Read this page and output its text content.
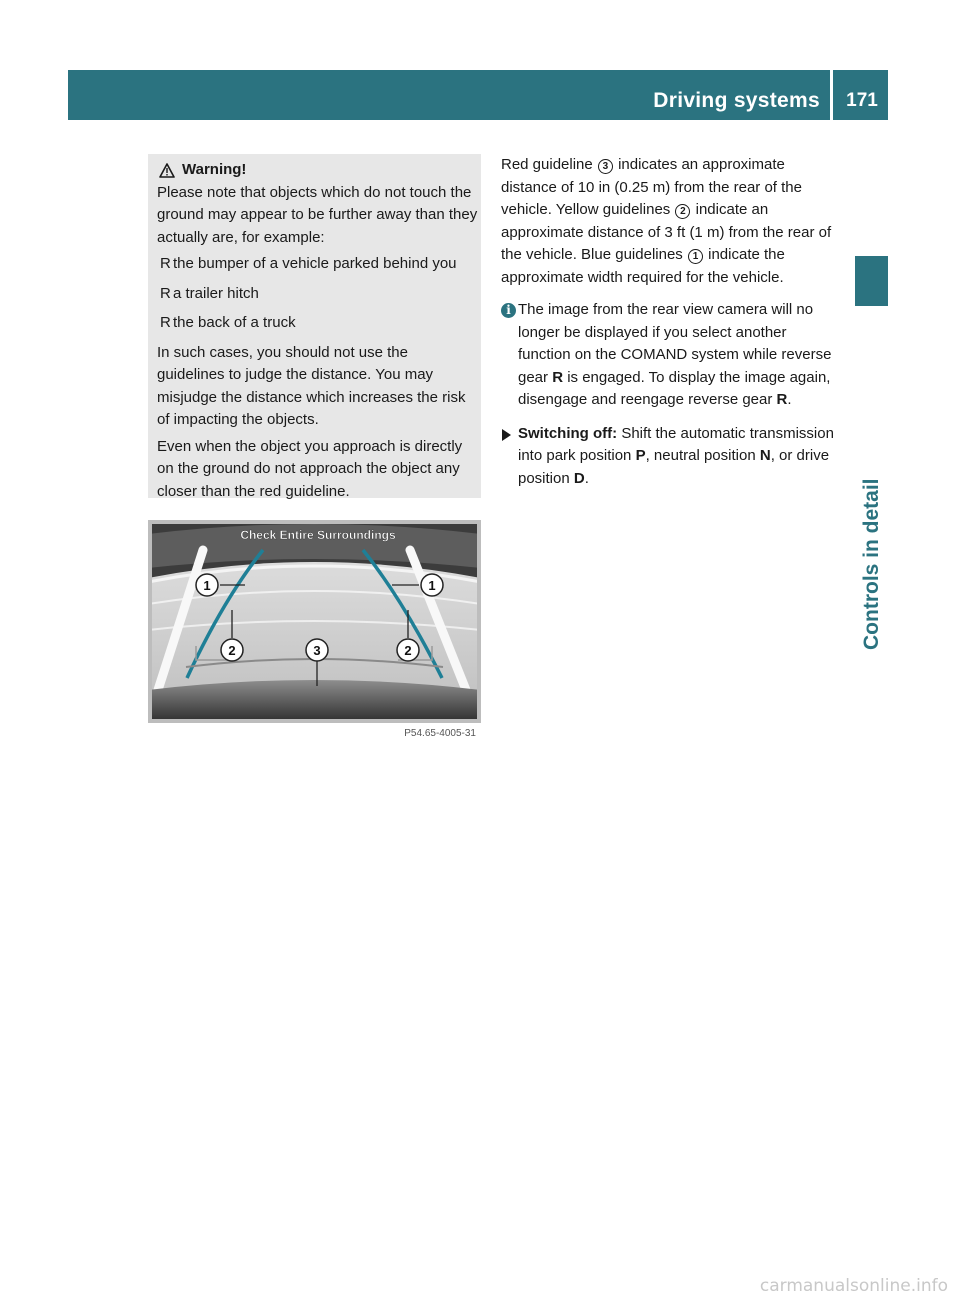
Driving systems	171
Controls in detail
Warning!

Please note that objects which do not touch the ground may appear to be further away than they actually are, for example:

R the bumper of a vehicle parked behind you
R a trailer hitch
R the back of a truck

In such cases, you should not use the guidelines to judge the distance. You may misjudge the distance which increases the risk of impacting the objects.

Even when the object you approach is directly on the ground do not approach the object any closer than the red guideline.

Check Entire Surroundings
1	1
2	3	2
P54.65-4005-31

Red guideline 3 indicates an approximate distance of 10 in (0.25 m) from the rear of the vehicle. Yellow guidelines 2 indicate an approximate distance of 3 ft (1 m) from the rear of the vehicle. Blue guidelines 1 indicate the approximate width required for the vehicle.

i The image from the rear view camera will no longer be displayed if you select another function on the COMAND system while reverse gear R is engaged. To display the image again, disengage and reengage reverse gear R.

Switching off: Shift the automatic transmission into park position P, neutral position N, or drive position D.

carmanualsonline.info
